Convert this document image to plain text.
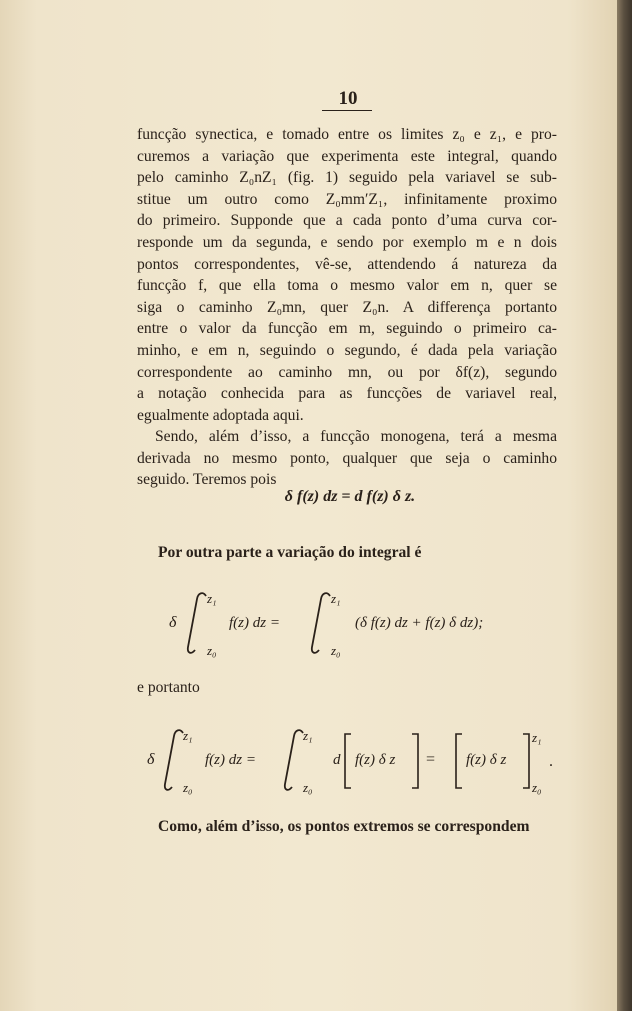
10
funcção synectica, e tomado entre os limites z₀ e z₁, e pro-
curemos a variação que experimenta este integral, quando
pelo caminho Z₀nZ₁ (fig. 1) seguido pela variavel se sub-
stitue um outro como Z₀mm′Z₁, infinitamente proximo
do primeiro. Supponde que a cada ponto d’uma curva cor-
responde um da segunda, e sendo por exemplo m e n dois
pontos correspondentes, vê-se, attendendo á natureza da
funcção f, que ella toma o mesmo valor em n, quer se
siga o caminho Z₀mn, quer Z₀n. A differença portanto
entre o valor da funcção em m, seguindo o primeiro ca-
minho, e em n, seguindo o segundo, é dada pela variação
correspondente ao caminho mn, ou por δf(z), segundo
a notação conhecida para as funcções de variavel real,
egualmente adoptada aqui.
Sendo, além d’isso, a funcção monogena, terá a mesma
derivada no mesmo ponto, qualquer que seja o caminho
seguido. Teremos pois
δ f(z) dz = d f(z) δ z.
Por outra parte a variação do integral é
δ
z₁
z₀
f(z) dz =
z₁
z₀
(δ f(z) dz + f(z) δ dz);
e portanto
δ
z₁
z₀
f(z) dz =
z₁
z₀
d f(z) δ z = f(z) δ z
z₁
z₀
.
Como, além d’isso, os pontos extremos se correspondem
